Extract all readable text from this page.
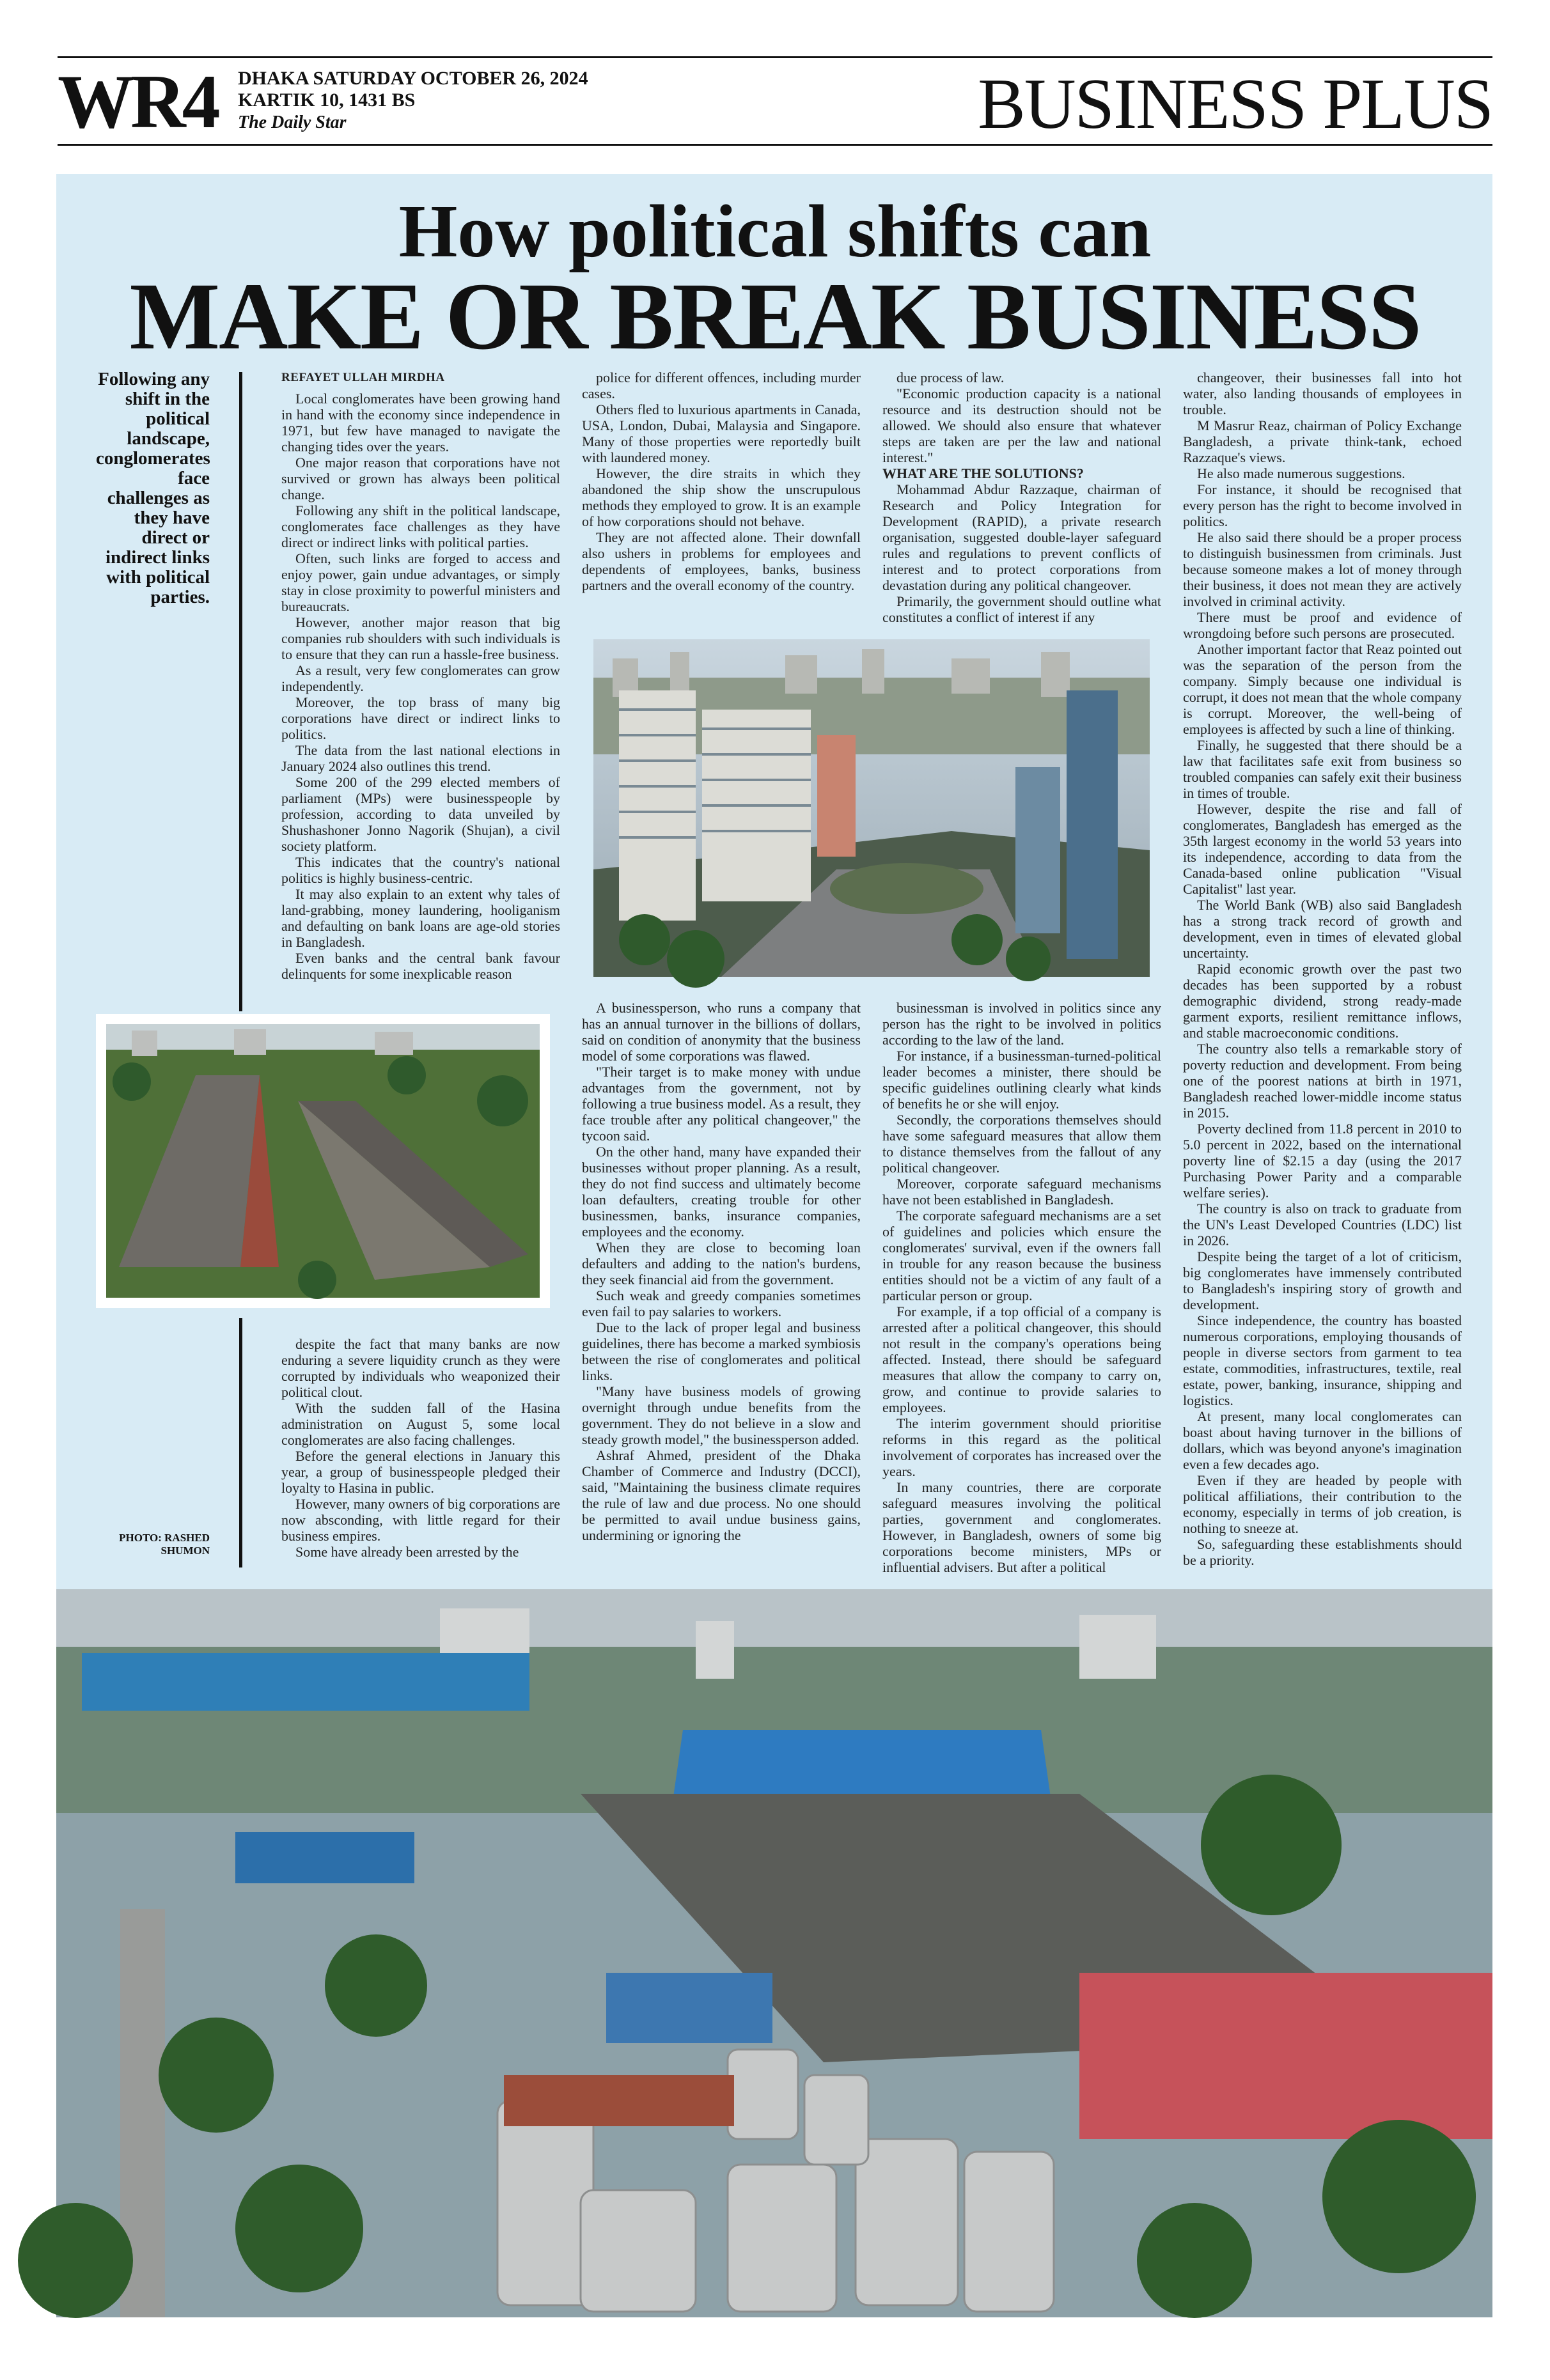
WR4 DHAKA SATURDAY OCTOBER 26, 2024
KARTIK 10, 1431 BS
The Daily Star	BUSINESS PLUS
How political shifts can
MAKE OR BREAK BUSINESS
Following any shift in the political landscape, conglomerates face challenges as they have direct or indirect links with political parties.
PHOTO: RASHED SHUMON

REFAYET ULLAH MIRDHA

Local conglomerates have been growing hand in hand with the economy since independence in 1971, but few have managed to navigate the changing tides over the years.

One major reason that corporations have not survived or grown has always been political change.

Following any shift in the political landscape, conglomerates face challenges as they have direct or indirect links with political parties.

Often, such links are forged to access and enjoy power, gain undue advantages, or simply stay in close proximity to powerful ministers and bureaucrats.

However, another major reason that big companies rub shoulders with such individuals is to ensure that they can run a hassle-free business.

As a result, very few conglomerates can grow independently.

Moreover, the top brass of many big corporations have direct or indirect links to politics.

The data from the last national elections in January 2024 also outlines this trend.

Some 200 of the 299 elected members of parliament (MPs) were businesspeople by profession, according to data unveiled by Shushashoner Jonno Nagorik (Shujan), a civil society platform.

This indicates that the country's national politics is highly business-centric.

It may also explain to an extent why tales of land-grabbing, money laundering, hooliganism and defaulting on bank loans are age-old stories in Bangladesh.

Even banks and the central bank favour delinquents for some inexplicable reason

despite the fact that many banks are now enduring a severe liquidity crunch as they were corrupted by individuals who weaponized their political clout.

With the sudden fall of the Hasina administration on August 5, some local conglomerates are also facing challenges.

Before the general elections in January this year, a group of businesspeople pledged their loyalty to Hasina in public.

However, many owners of big corporations are now absconding, with little regard for their business empires.

Some have already been arrested by the

police for different offences, including murder cases.

Others fled to luxurious apartments in Canada, USA, London, Dubai, Malaysia and Singapore. Many of those properties were reportedly built with laundered money.

However, the dire straits in which they abandoned the ship show the unscrupulous methods they employed to grow. It is an example of how corporations should not behave.

They are not affected alone. Their downfall also ushers in problems for employees and dependents of employees, banks, business partners and the overall economy of the country.

A businessperson, who runs a company that has an annual turnover in the billions of dollars, said on condition of anonymity that the business model of some corporations was flawed.

"Their target is to make money with undue advantages from the government, not by following a true business model. As a result, they face trouble after any political changeover," the tycoon said.

On the other hand, many have expanded their businesses without proper planning. As a result, they do not find success and ultimately become loan defaulters, creating trouble for other businessmen, banks, insurance companies, employees and the economy.

When they are close to becoming loan defaulters and adding to the nation's burdens, they seek financial aid from the government.

Such weak and greedy companies sometimes even fail to pay salaries to workers.

Due to the lack of proper legal and business guidelines, there has become a marked symbiosis between the rise of conglomerates and political links.

"Many have business models of growing overnight through undue benefits from the government. They do not believe in a slow and steady growth model," the businessperson added.

Ashraf Ahmed, president of the Dhaka Chamber of Commerce and Industry (DCCI), said, "Maintaining the business climate requires the rule of law and due process. No one should be permitted to avail undue business gains, undermining or ignoring the

due process of law.

"Economic production capacity is a national resource and its destruction should not be allowed. We should also ensure that whatever steps are taken are per the law and national interest."

WHAT ARE THE SOLUTIONS?

Mohammad Abdur Razzaque, chairman of Research and Policy Integration for Development (RAPID), a private research organisation, suggested double-layer safeguard rules and regulations to prevent conflicts of interest and to protect corporations from devastation during any political changeover.

Primarily, the government should outline what constitutes a conflict of interest if any

businessman is involved in politics since any person has the right to be involved in politics according to the law of the land.

For instance, if a businessman-turned-political leader becomes a minister, there should be specific guidelines outlining clearly what kinds of benefits he or she will enjoy.

Secondly, the corporations themselves should have some safeguard measures that allow them to distance themselves from the fallout of any political changeover.

Moreover, corporate safeguard mechanisms have not been established in Bangladesh.

The corporate safeguard mechanisms are a set of guidelines and policies which ensure the conglomerates' survival, even if the owners fall in trouble for any reason because the business entities should not be a victim of any fault of a particular person or group.

For example, if a top official of a company is arrested after a political changeover, this should not result in the company's operations being affected. Instead, there should be safeguard measures that allow the company to carry on, grow, and continue to provide salaries to employees.

The interim government should prioritise reforms in this regard as the political involvement of corporates has increased over the years.

In many countries, there are corporate safeguard measures involving the political parties, government and conglomerates. However, in Bangladesh, owners of some big corporations become ministers, MPs or influential advisers. But after a political

changeover, their businesses fall into hot water, also landing thousands of employees in trouble.

M Masrur Reaz, chairman of Policy Exchange Bangladesh, a private think-tank, echoed Razzaque's views.

He also made numerous suggestions.

For instance, it should be recognised that every person has the right to become involved in politics.

He also said there should be a proper process to distinguish businessmen from criminals. Just because someone makes a lot of money through their business, it does not mean they are actively involved in criminal activity.

There must be proof and evidence of wrongdoing before such persons are prosecuted.

Another important factor that Reaz pointed out was the separation of the person from the company. Simply because one individual is corrupt, it does not mean that the whole company is corrupt. Moreover, the well-being of employees is affected by such a line of thinking.

Finally, he suggested that there should be a law that facilitates safe exit from business so troubled companies can safely exit their business in times of trouble.

However, despite the rise and fall of conglomerates, Bangladesh has emerged as the 35th largest economy in the world 53 years into its independence, according to data from the Canada-based online publication "Visual Capitalist" last year.

The World Bank (WB) also said Bangladesh has a strong track record of growth and development, even in times of elevated global uncertainty.

Rapid economic growth over the past two decades has been supported by a robust demographic dividend, strong ready-made garment exports, resilient remittance inflows, and stable macroeconomic conditions.

The country also tells a remarkable story of poverty reduction and development. From being one of the poorest nations at birth in 1971, Bangladesh reached lower-middle income status in 2015.

Poverty declined from 11.8 percent in 2010 to 5.0 percent in 2022, based on the international poverty line of $2.15 a day (using the 2017 Purchasing Power Parity and a comparable welfare series).

The country is also on track to graduate from the UN's Least Developed Countries (LDC) list in 2026.

Despite being the target of a lot of criticism, big conglomerates have immensely contributed to Bangladesh's inspiring story of growth and development.

Since independence, the country has boasted numerous corporations, employing thousands of people in diverse sectors from garment to tea estate, commodities, infrastructures, textile, real estate, power, banking, insurance, shipping and logistics.

At present, many local conglomerates can boast about having turnover in the billions of dollars, which was beyond anyone's imagination even a few decades ago.

Even if they are headed by people with political affiliations, their contribution to the economy, especially in terms of job creation, is nothing to sneeze at.

So, safeguarding these establishments should be a priority.
